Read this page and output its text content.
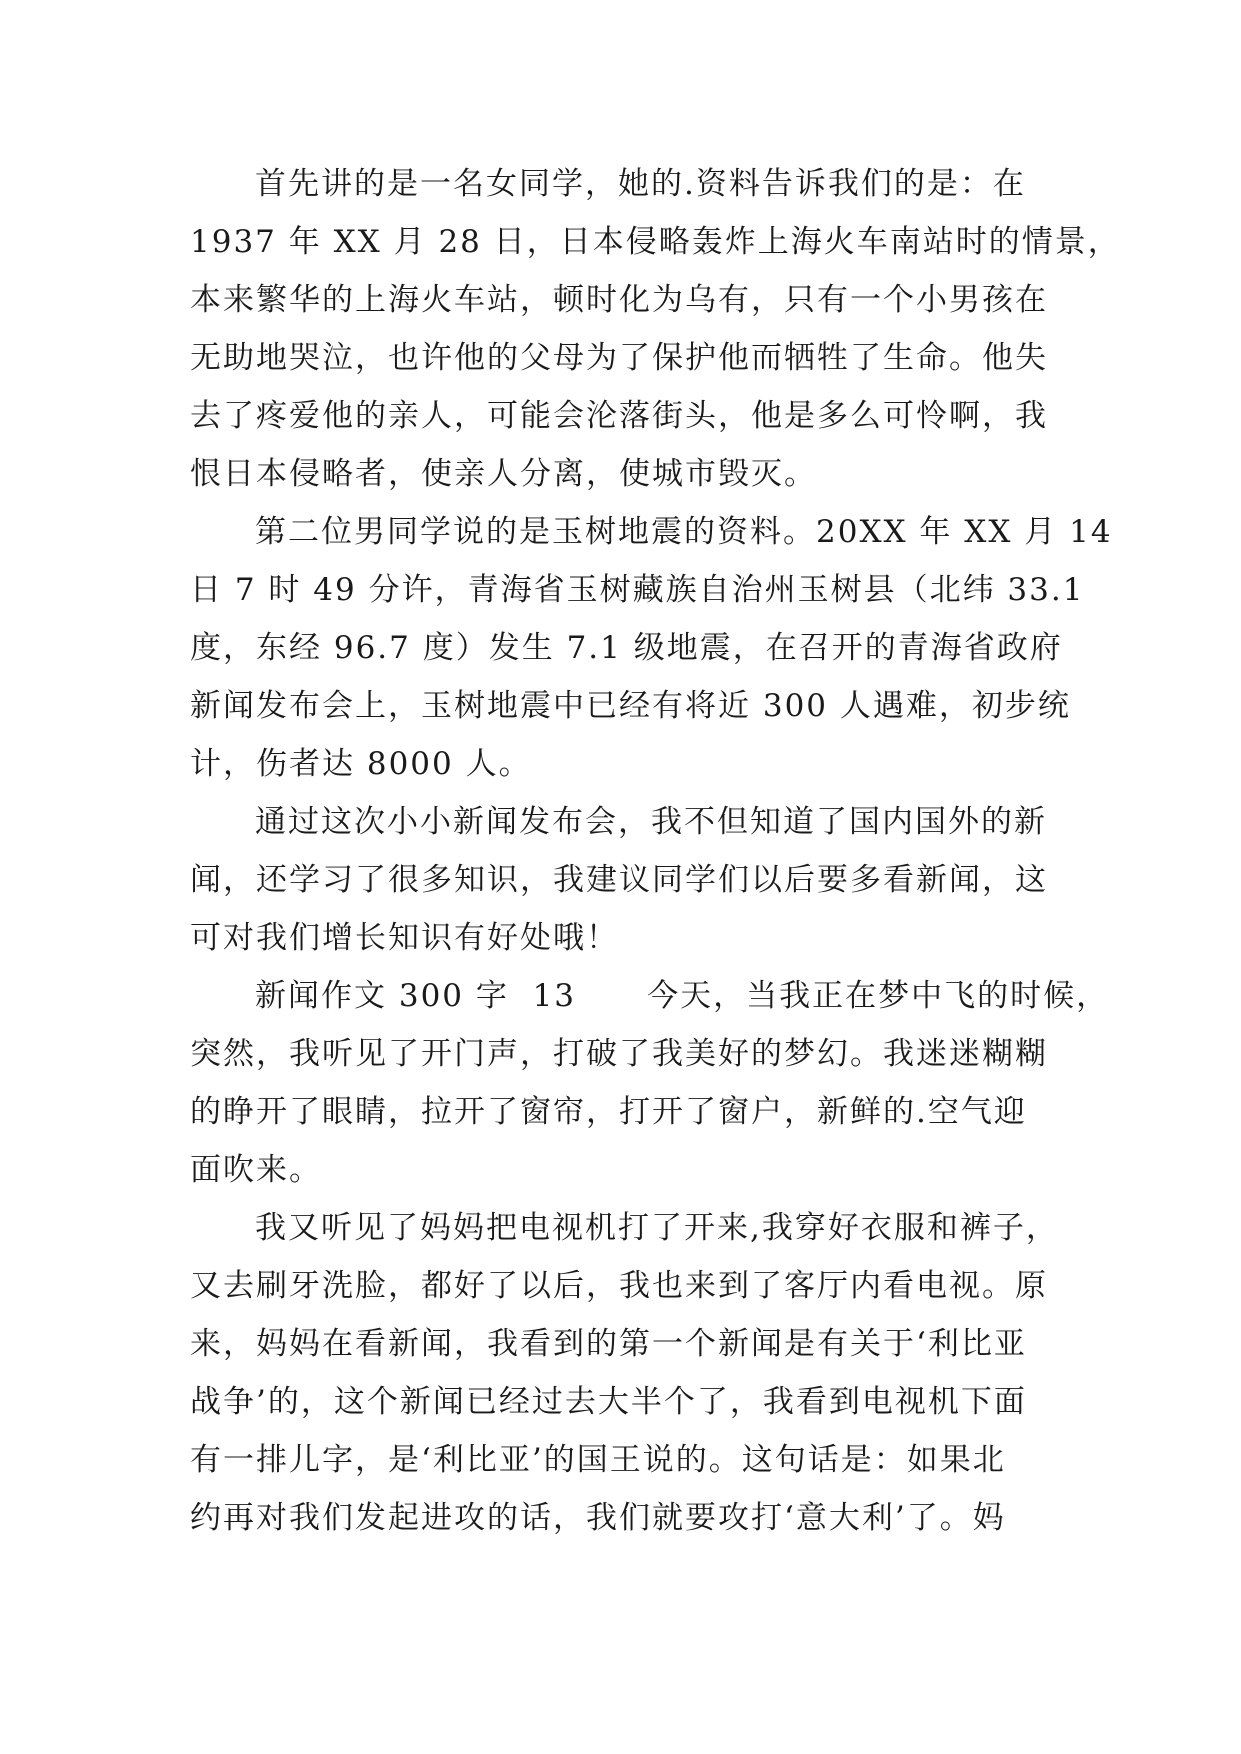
首先讲的是一名女同学，她的.资料告诉我们的是：在
1937 年 XX 月 28 日，日本侵略轰炸上海火车南站时的情景，
本来繁华的上海火车站，顿时化为乌有，只有一个小男孩在
无助地哭泣，也许他的父母为了保护他而牺牲了生命。他失
去了疼爱他的亲人，可能会沦落街头，他是多么可怜啊，我
恨日本侵略者，使亲人分离，使城市毁灭。
第二位男同学说的是玉树地震的资料。20XX 年 XX 月 14
日 7 时 49 分许，青海省玉树藏族自治州玉树县（北纬 33.1
度，东经 96.7 度）发生 7.1 级地震，在召开的青海省政府
新闻发布会上，玉树地震中已经有将近 300 人遇难，初步统
计，伤者达 8000 人。
通过这次小小新闻发布会，我不但知道了国内国外的新
闻，还学习了很多知识，我建议同学们以后要多看新闻，这
可对我们增长知识有好处哦！
新闻作文 300 字  13      今天，当我正在梦中飞的时候，
突然，我听见了开门声，打破了我美好的梦幻。我迷迷糊糊
的睁开了眼睛，拉开了窗帘，打开了窗户，新鲜的.空气迎
面吹来。
我又听见了妈妈把电视机打了开来,我穿好衣服和裤子，
又去刷牙洗脸，都好了以后，我也来到了客厅内看电视。原
来，妈妈在看新闻，我看到的第一个新闻是有关于‘利比亚
战争’的，这个新闻已经过去大半个了，我看到电视机下面
有一排儿字，是‘利比亚’的国王说的。这句话是：如果北
约再对我们发起进攻的话，我们就要攻打‘意大利’了。妈
